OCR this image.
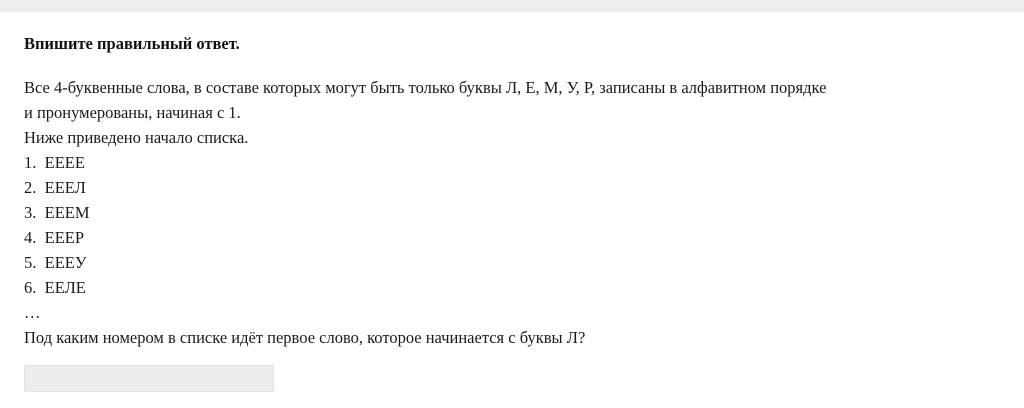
Впишите правильный ответ.

Все 4-буквенные слова, в составе которых могут быть только буквы Л, Е, М, У, Р, записаны в алфавитном порядке

и пронумерованы, начиная с 1.

Ниже приведено начало списка.

1. ЕЕЕЕ
2. ЕЕЕЛ
3. ЕЕЕМ
4. ЕЕЕР
5. ЕЕЕУ
6. ЕЕЛЕ
…

Под каким номером в списке идёт первое слово, которое начинается с буквы Л?
